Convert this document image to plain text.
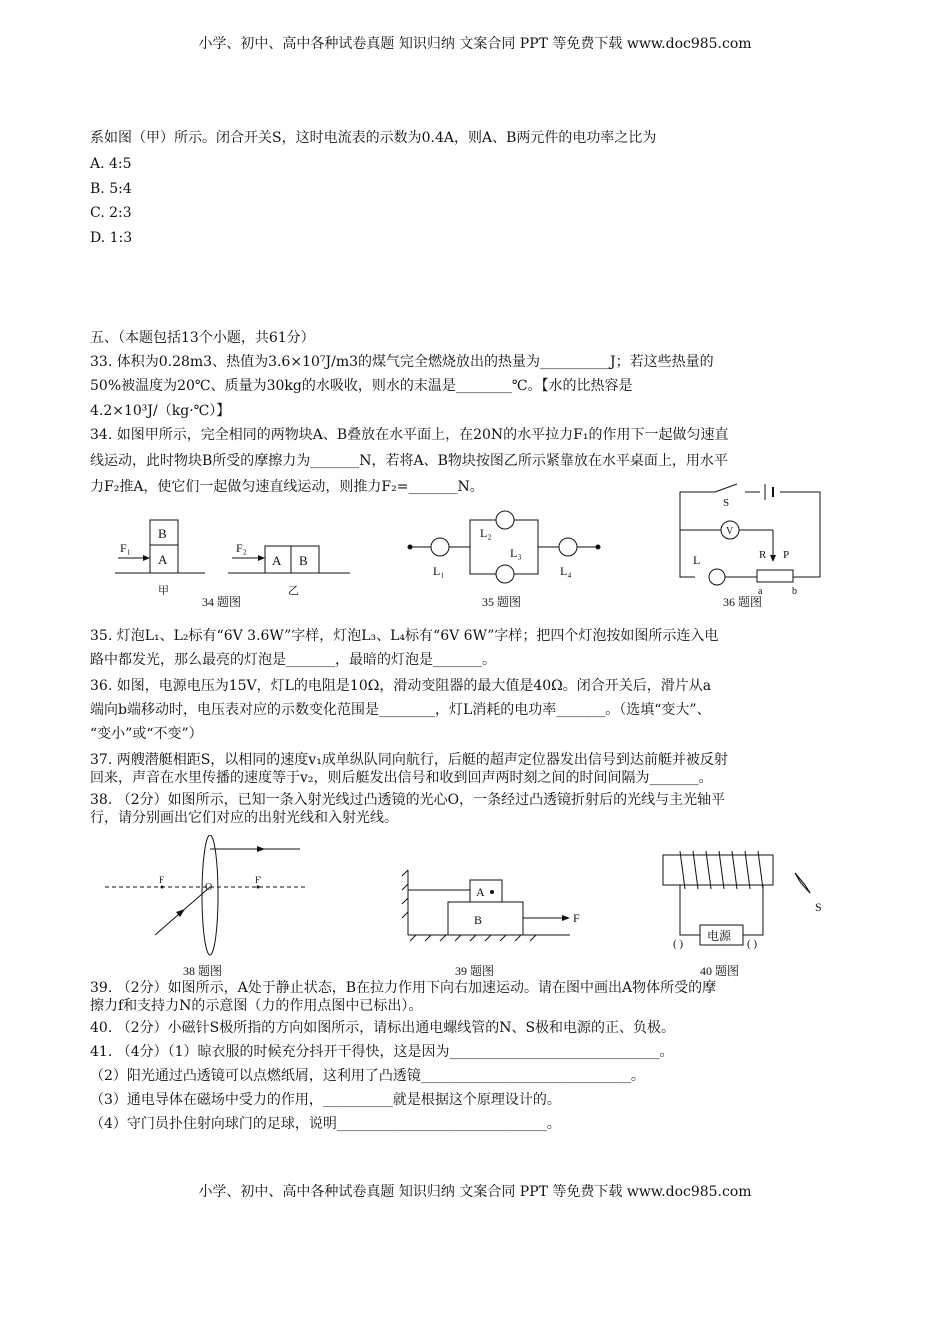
小学、初中、高中各种试卷真题 知识归纳 文案合同 PPT 等免费下载 www.doc985.com
系如图（甲）所示。闭合开关S，这时电流表的示数为0.4A，则A、B两元件的电功率之比为
A. 4:5
B. 5:4
C. 2:3
D. 1:3
五、（本题包括13个小题，共61分）
33. 体积为0.28m3、热值为3.6×10⁷J/m3的煤气完全燃烧放出的热量为__________J；若这些热量的
50%被温度为20℃、质量为30kg的水吸收，则水的末温是________℃。【水的比热容是
4.2×10³J/（kg·℃）】
34. 如图甲所示，完全相同的两物块A、B叠放在水平面上，在20N的水平拉力F₁的作用下一起做匀速直
线运动，此时物块B所受的摩擦力为_______N，若将A、B物块按图乙所示紧靠放在水平桌面上，用水平
力F₂推A，使它们一起做匀速直线运动，则推力F₂=_______N。
B
A
F₁
甲
A B
F₂
乙
34 题图
L₁
L₂
L₃
L₄
35 题图
S
V
L	R P
a	b
36 题图
35. 灯泡L₁、L₂标有“6V 3.6W”字样，灯泡L₃、L₄标有“6V 6W”字样；把四个灯泡按如图所示连入电
路中都发光，那么最亮的灯泡是_______，最暗的灯泡是_______。
36. 如图，电源电压为15V，灯L的电阻是10Ω，滑动变阻器的最大值是40Ω。闭合开关后，滑片从a
端向b端移动时，电压表对应的示数变化范围是________，灯L消耗的电功率_______。（选填“变大”、
“变小”或“不变”）
37. 两艘潜艇相距S，以相同的速度v₁成单纵队同向航行，后艇的超声定位器发出信号到达前艇并被反射
回来，声音在水里传播的速度等于v₂，则后艇发出信号和收到回声两时刻之间的时间间隔为_______。
38. （2分）如图所示，已知一条入射光线过凸透镜的光心O，一条经过凸透镜折射后的光线与主光轴平
行，请分别画出它们对应的出射光线和入射光线。
F
O
F'
38 题图
A
B	F
39 题图
电源
( )	( )
S
40 题图
39. （2分）如图所示，A处于静止状态，B在拉力作用下向右加速运动。请在图中画出A物体所受的摩
擦力f和支持力N的示意图（力的作用点图中已标出）。
40. （2分）小磁针S极所指的方向如图所示，请标出通电螺线管的N、S极和电源的正、负极。
41. （4分）（1）晾衣服的时候充分抖开干得快，这是因为______________________________。
（2）阳光通过凸透镜可以点燃纸屑，这利用了凸透镜______________________________。
（3）通电导体在磁场中受力的作用，__________就是根据这个原理设计的。
（4）守门员扑住射向球门的足球，说明______________________________。
小学、初中、高中各种试卷真题 知识归纳 文案合同 PPT 等免费下载 www.doc985.com
